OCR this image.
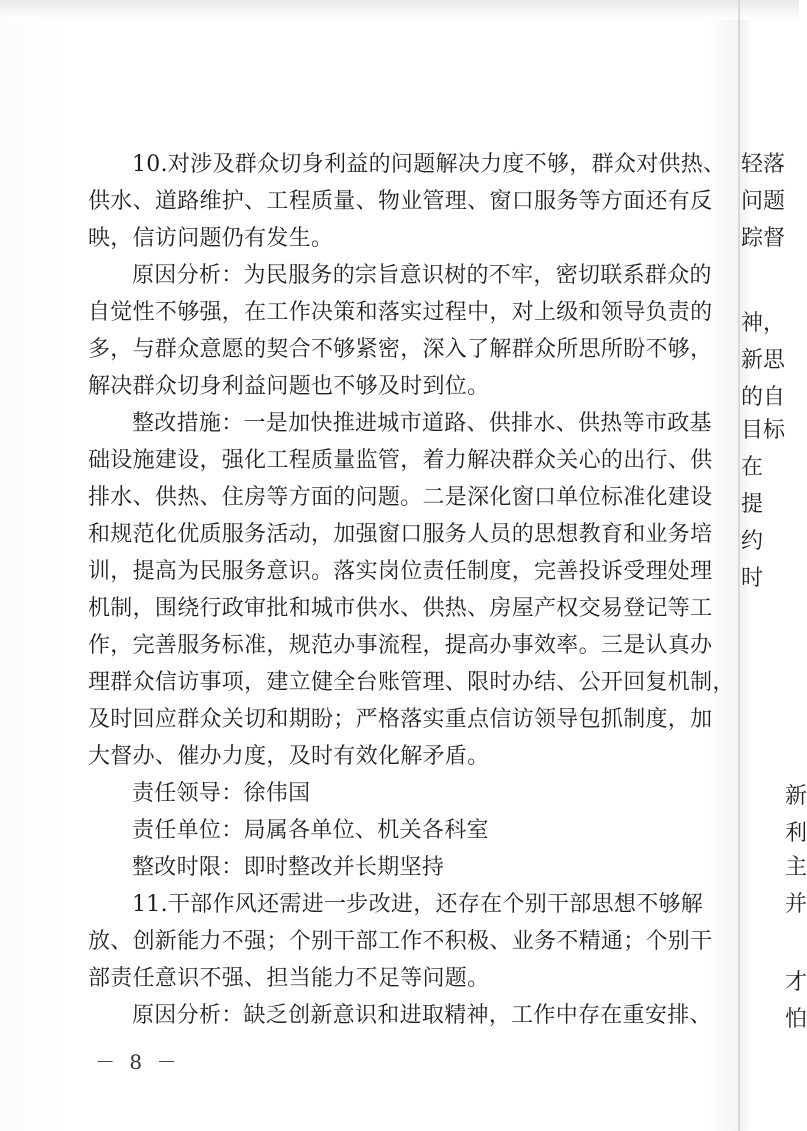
10.对涉及群众切身利益的问题解决力度不够，群众对供热、
供水、道路维护、工程质量、物业管理、窗口服务等方面还有反
映，信访问题仍有发生。
原因分析：为民服务的宗旨意识树的不牢，密切联系群众的
自觉性不够强，在工作决策和落实过程中，对上级和领导负责的
多，与群众意愿的契合不够紧密，深入了解群众所思所盼不够，
解决群众切身利益问题也不够及时到位。
整改措施：一是加快推进城市道路、供排水、供热等市政基
础设施建设，强化工程质量监管，着力解决群众关心的出行、供
排水、供热、住房等方面的问题。二是深化窗口单位标准化建设
和规范化优质服务活动，加强窗口服务人员的思想教育和业务培
训，提高为民服务意识。落实岗位责任制度，完善投诉受理处理
机制，围绕行政审批和城市供水、供热、房屋产权交易登记等工
作，完善服务标准，规范办事流程，提高办事效率。三是认真办
理群众信访事项，建立健全台账管理、限时办结、公开回复机制，
及时回应群众关切和期盼；严格落实重点信访领导包抓制度，加
大督办、催办力度，及时有效化解矛盾。
责任领导：徐伟国
责任单位：局属各单位、机关各科室
整改时限：即时整改并长期坚持
11.干部作风还需进一步改进，还存在个别干部思想不够解
放、创新能力不强；个别干部工作不积极、业务不精通；个别干
部责任意识不强、担当能力不足等问题。
原因分析：缺乏创新意识和进取精神，工作中存在重安排、
轻落
问题
踪督
神，
新思
的自
目标
在
提
约
时
新
利
主
并
才
怕
－ 8 －
